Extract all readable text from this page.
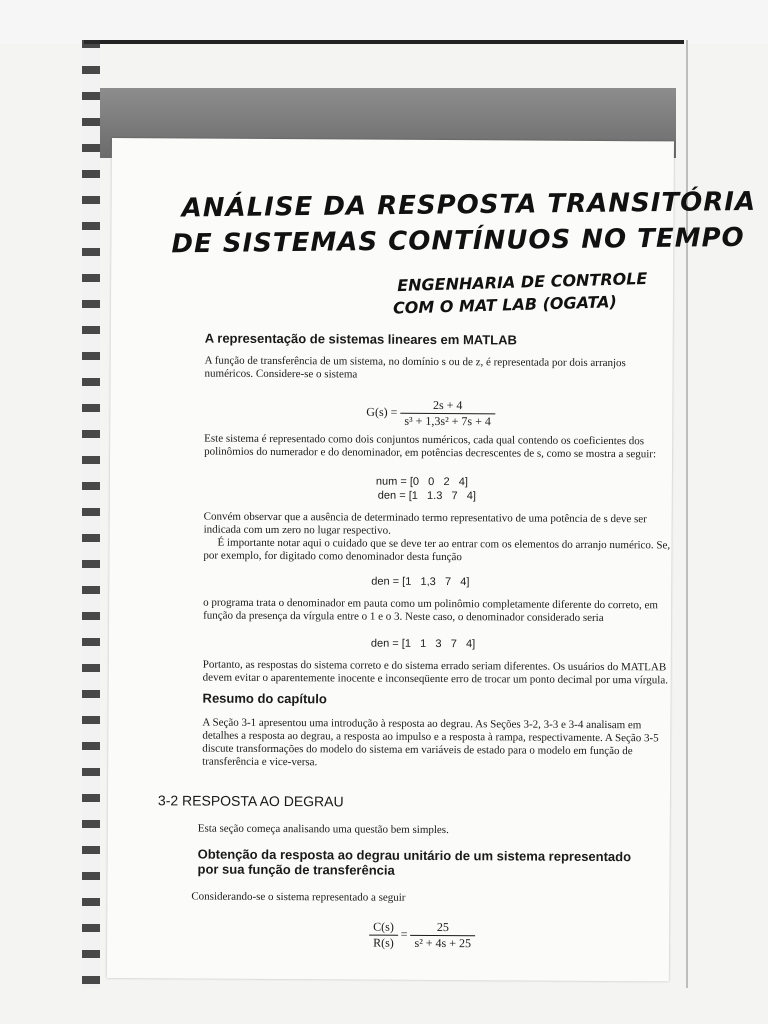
ANÁLISE DA RESPOSTA TRANSITÓRIA
DE SISTEMAS CONTÍNUOS NO TEMPO
ENGENHARIA DE CONTROLE
COM O MAT LAB (OGATA)
A representação de sistemas lineares em MATLAB
A função de transferência de um sistema, no domínio s ou de z, é representada por dois arranjos numéricos. Considere-se o sistema
$G(s) = \frac{2s + 4}{\text{s³ + 1,3s² + 7s + 4}}$
Este sistema é representado como dois conjuntos numéricos, cada qual contendo os coeficientes dos polinômios do numerador e do denominador, em potências decrescentes de s, como se mostra a seguir:
num = [0   0   2   4]
den = [1   1.3   7   4]
Convém observar que a ausência de determinado termo representativo de uma potência de s deve ser indicada com um zero no lugar respectivo.
É importante notar aqui o cuidado que se deve ter ao entrar com os elementos do arranjo numérico. Se, por exemplo, for digitado como denominador desta função
den = [1   1,3   7   4]
o programa trata o denominador em pauta como um polinômio completamente diferente do correto, em função da presença da vírgula entre o 1 e o 3. Neste caso, o denominador considerado seria
den = [1   1   3   7   4]
Portanto, as respostas do sistema correto e do sistema errado seriam diferentes. Os usuários do MATLAB devem evitar o aparentemente inocente e inconseqüente erro de trocar um ponto decimal por uma vírgula.
Resumo do capítulo
A Seção 3-1 apresentou uma introdução à resposta ao degrau. As Seções 3-2, 3-3 e 3-4 analisam em detalhes a resposta ao degrau, a resposta ao impulso e a resposta à rampa, respectivamente. A Seção 3-5 discute transformações do modelo do sistema em variáveis de estado para o modelo em função de transferência e vice-versa.
3-2 RESPOSTA AO DEGRAU
Esta seção começa analisando uma questão bem simples.
Obtenção da resposta ao degrau unitário de um sistema representado por sua função de transferência
Considerando-se o sistema representado a seguir
$\frac{C(s)}{R(s)} = \frac{25}{\text{s² + 4s + 25}}$
